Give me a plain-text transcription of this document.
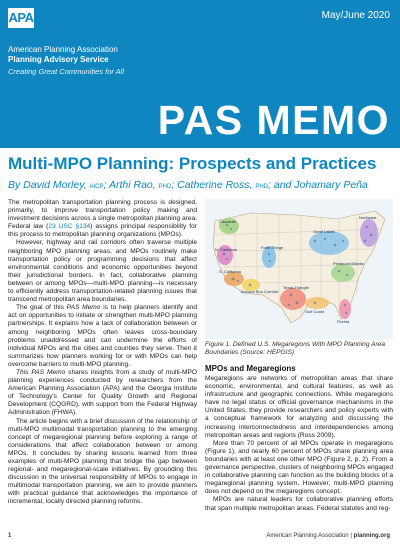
APA	May/June 2020
American Planning Association
Planning Advisory Service
Creating Great Communities for All
PAS MEMO
Multi-MPO Planning: Prospects and Practices
By David Morley, AICP; Arthi Rao, PHD; Catherine Ross, PHD; and Johamary Peña

The metropolitan transportation planning process is designed, primarily, to improve transportation policy making and investment decisions across a single metropolitan planning area. Federal law (23 USC §134) assigns principal responsibility for this process to metropolitan planning organizations (MPOs).

However, highway and rail corridors often traverse multiple neighboring MPO planning areas, and MPOs routinely make transportation policy or programming decisions that affect environmental conditions and economic opportunities beyond their jurisdictional borders. In fact, collaborative planning between or among MPOs—multi-MPO planning—is necessary to efficiently address transportation-related planning issues that transcend metropolitan area boundaries.

The goal of this PAS Memo is to help planners identify and act on opportunities to initiate or strengthen multi-MPO planning partnerships. It explains how a lack of collaboration between or among neighboring MPOs often leaves cross-boundary problems unaddressed and can undermine the efforts of individual MPOs and the cities and counties they serve. Then it summarizes how planners working for or with MPOs can help overcome barriers to multi-MPO planning.

This PAS Memo shares insights from a study of multi-MPO planning experiences conducted by researchers from the American Planning Association (APA) and the Georgia Institute of Technology's Center for Quality Growth and Regional Development (CQGRD), with support from the Federal Highway Administration (FHWA).

The article begins with a brief discussion of the relationship of multi-MPO multimodal transportation planning to the emerging concept of megaregional planning before exploring a range of considerations that affect collaboration between or among MPOs. It concludes by sharing lessons learned from three examples of multi-MPO planning that bridge the gap between regional- and megaregional-scale initiatives. By grounding this discussion in the universal responsibility of MPOs to engage in multimodal transportation planning, we aim to provide planners with practical guidance that acknowledges the importance of incremental, locally directed planning reforms.

Cascadia
Front Range
N. California
S. California
Arizona Sun Corridor
Texas Triangle
Great Lakes
Northeast
Piedmont Atlantic
Florida
Gulf Coast
Figure 1. Defined U.S. Megaregions With MPO Planning Area Boundaries (Source: HEPGIS)
MPOs and Megaregions

Megaregions are networks of metropolitan areas that share economic, environmental, and cultural features, as well as infrastructure and geographic connections. While megaregions have no legal status or official governance mechanisms in the United States, they provide researchers and policy experts with a conceptual framework for analyzing and discussing the increasing interconnectedness and interdependencies among metropolitan areas and regions (Ross 2009).

More than 70 percent of all MPOs operate in megaregions (Figure 1), and nearly 60 percent of MPOs share planning area boundaries with at least one other MPO (Figure 2, p. 2). From a governance perspective, clusters of neighboring MPOs engaged in collaborative planning can function as the building blocks of a megaregional planning system. However, multi-MPO planning does not depend on the megaregions concept.

MPOs are natural leaders for collaborative planning efforts that span multiple metropolitan areas. Federal statutes and reg-

1	American Planning Association | planning.org
